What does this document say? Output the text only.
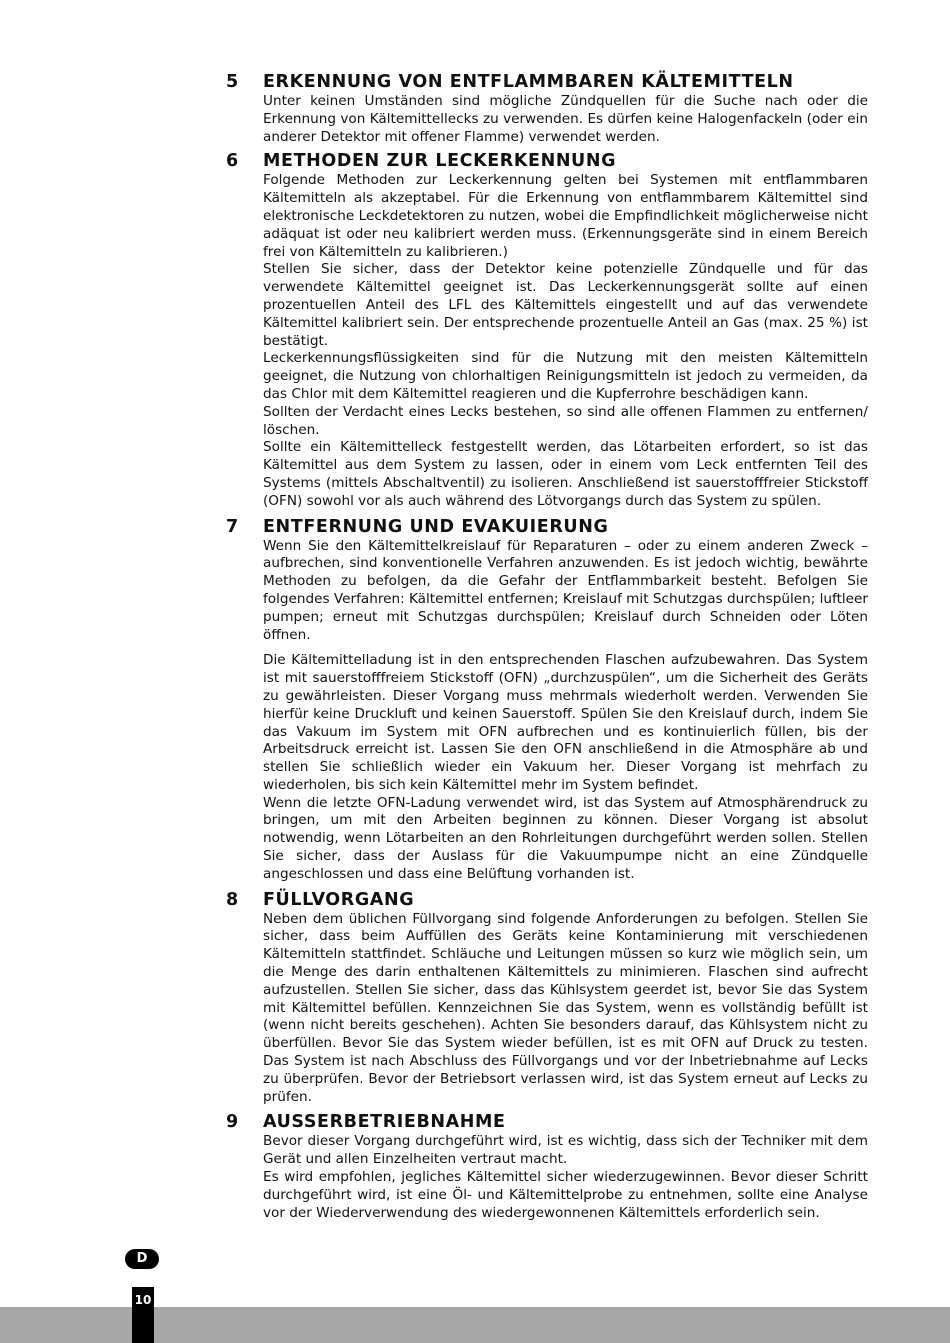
5	ERKENNUNG VON ENTFLAMMBAREN KÄLTEMITTELN

Unter keinen Umständen sind mögliche Zündquellen für die Suche nach oder die Erkennung von Kältemittellecks zu verwenden. Es dürfen keine Halogenfackeln (oder ein anderer Detektor mit offener Flamme) verwendet werden.

6	METHODEN ZUR LECKERKENNUNG

Folgende Methoden zur Leckerkennung gelten bei Systemen mit entflammbaren Kältemitteln als akzeptabel. Für die Erkennung von entflammbarem Kältemittel sind elektronische Leckdetektoren zu nutzen, wobei die Empfindlichkeit möglicherweise nicht adäquat ist oder neu kalibriert werden muss. (Erkennungsgeräte sind in einem Bereich frei von Kältemitteln zu kalibrieren.)

Stellen Sie sicher, dass der Detektor keine potenzielle Zündquelle und für das verwendete Kältemittel geeignet ist. Das Leckerkennungsgerät sollte auf einen prozentuellen Anteil des LFL des Kältemittels eingestellt und auf das verwendete Kältemittel kalibriert sein. Der entsprechende prozentuelle Anteil an Gas (max. 25 %) ist bestätigt.

Leckerkennungsflüssigkeiten sind für die Nutzung mit den meisten Kältemitteln geeignet, die Nutzung von chlorhaltigen Reinigungsmitteln ist jedoch zu vermeiden, da das Chlor mit dem Kältemittel reagieren und die Kupferrohre beschädigen kann.

Sollten der Verdacht eines Lecks bestehen, so sind alle offenen Flammen zu entfernen/ löschen.

Sollte ein Kältemittelleck festgestellt werden, das Lötarbeiten erfordert, so ist das Kältemittel aus dem System zu lassen, oder in einem vom Leck entfernten Teil des Systems (mittels Abschaltventil) zu isolieren. Anschließend ist sauerstofffreier Stickstoff (OFN) sowohl vor als auch während des Lötvorgangs durch das System zu spülen.

7	ENTFERNUNG UND EVAKUIERUNG

Wenn Sie den Kältemittelkreislauf für Reparaturen – oder zu einem anderen Zweck – aufbrechen, sind konventionelle Verfahren anzuwenden. Es ist jedoch wichtig, bewährte Methoden zu befolgen, da die Gefahr der Entflammbarkeit besteht. Befolgen Sie folgendes Verfahren: Kältemittel entfernen; Kreislauf mit Schutzgas durchspülen; luftleer pumpen; erneut mit Schutzgas durchspülen; Kreislauf durch Schneiden oder Löten öffnen.

Die Kältemittelladung ist in den entsprechenden Flaschen aufzubewahren. Das System ist mit sauerstofffreiem Stickstoff (OFN) „durchzuspülen“, um die Sicherheit des Geräts zu gewährleisten. Dieser Vorgang muss mehrmals wiederholt werden. Verwenden Sie hierfür keine Druckluft und keinen Sauerstoff. Spülen Sie den Kreislauf durch, indem Sie das Vakuum im System mit OFN aufbrechen und es kontinuierlich füllen, bis der Arbeitsdruck erreicht ist. Lassen Sie den OFN anschließend in die Atmosphäre ab und stellen Sie schließlich wieder ein Vakuum her. Dieser Vorgang ist mehrfach zu wiederholen, bis sich kein Kältemittel mehr im System befindet.

Wenn die letzte OFN-Ladung verwendet wird, ist das System auf Atmosphärendruck zu bringen, um mit den Arbeiten beginnen zu können. Dieser Vorgang ist absolut notwendig, wenn Lötarbeiten an den Rohrleitungen durchgeführt werden sollen. Stellen Sie sicher, dass der Auslass für die Vakuumpumpe nicht an eine Zündquelle angeschlossen und dass eine Belüftung vorhanden ist.

8	FÜLLVORGANG

Neben dem üblichen Füllvorgang sind folgende Anforderungen zu befolgen. Stellen Sie sicher, dass beim Auffüllen des Geräts keine Kontaminierung mit verschiedenen Kältemitteln stattfindet. Schläuche und Leitungen müssen so kurz wie möglich sein, um die Menge des darin enthaltenen Kältemittels zu minimieren. Flaschen sind aufrecht aufzustellen. Stellen Sie sicher, dass das Kühlsystem geerdet ist, bevor Sie das System mit Kältemittel befüllen. Kennzeichnen Sie das System, wenn es vollständig befüllt ist (wenn nicht bereits geschehen). Achten Sie besonders darauf, das Kühlsystem nicht zu überfüllen. Bevor Sie das System wieder befüllen, ist es mit OFN auf Druck zu testen. Das System ist nach Abschluss des Füllvorgangs und vor der Inbetriebnahme auf Lecks zu überprüfen. Bevor der Betriebsort verlassen wird, ist das System erneut auf Lecks zu prüfen.

9	AUSSERBETRIEBNAHME

Bevor dieser Vorgang durchgeführt wird, ist es wichtig, dass sich der Techniker mit dem Gerät und allen Einzelheiten vertraut macht.

Es wird empfohlen, jegliches Kältemittel sicher wiederzugewinnen. Bevor dieser Schritt durchgeführt wird, ist eine Öl- und Kältemittelprobe zu entnehmen, sollte eine Analyse vor der Wiederverwendung des wiedergewonnenen Kältemittels erforderlich sein.

D
10
